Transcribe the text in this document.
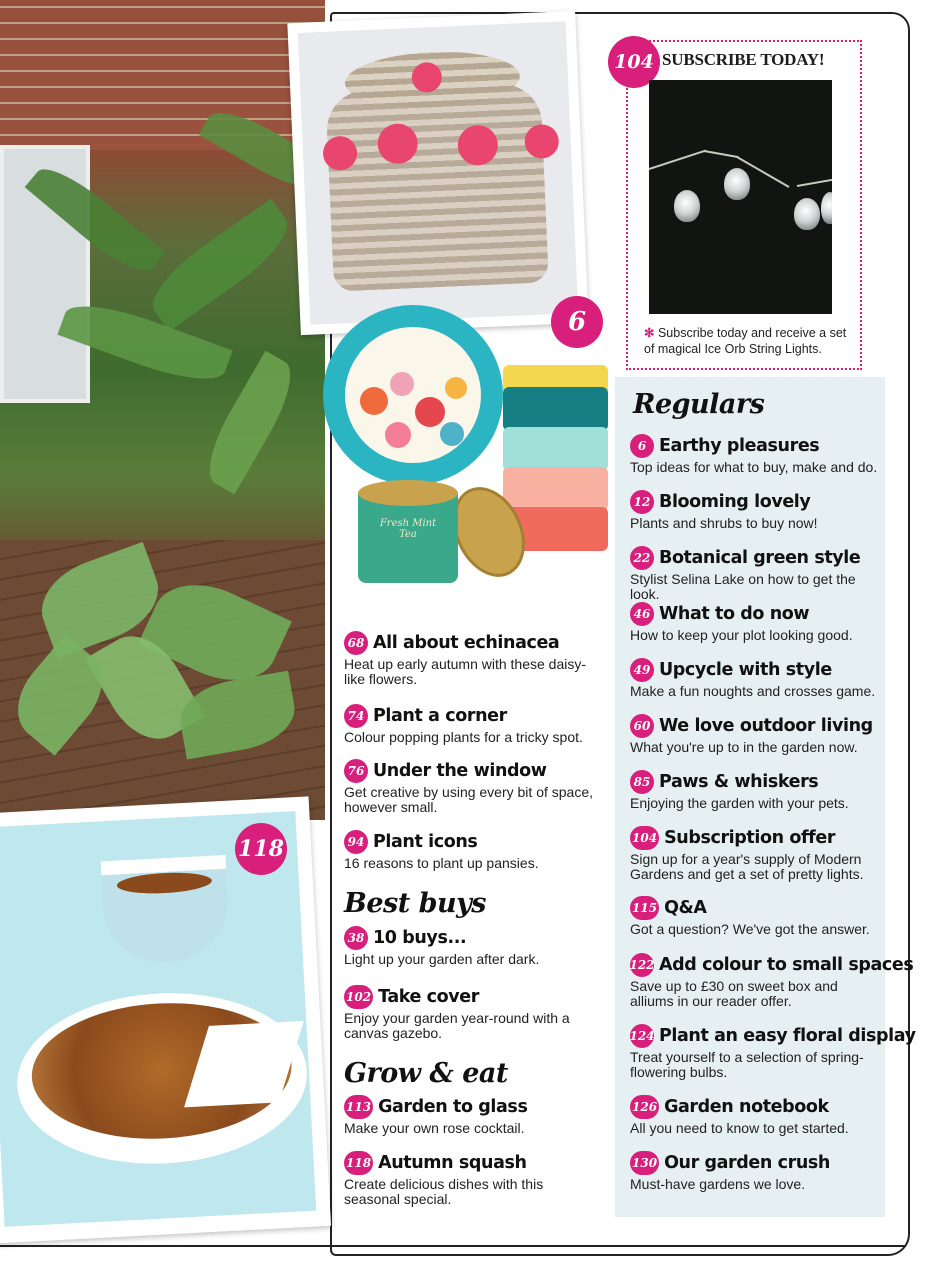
Fresh Mint Tea
6
118
104 SUBSCRIBE TODAY!
✻ Subscribe today and receive a set of magical Ice Orb String Lights.
Regulars
6 Earthy pleasures
Top ideas for what to buy, make and do.
12 Blooming lovely
Plants and shrubs to buy now!
22 Botanical green style
Stylist Selina Lake on how to get the look.
46 What to do now
How to keep your plot looking good.
49 Upcycle with style
Make a fun noughts and crosses game.
60 We love outdoor living
What you're up to in the garden now.
85 Paws & whiskers
Enjoying the garden with your pets.
104 Subscription offer
Sign up for a year's supply of Modern Gardens and get a set of pretty lights.
115 Q&A
Got a question? We've got the answer.
122 Add colour to small spaces
Save up to £30 on sweet box and alliums in our reader offer.
124 Plant an easy floral display
Treat yourself to a selection of spring-flowering bulbs.
126 Garden notebook
All you need to know to get started.
130 Our garden crush
Must-have gardens we love.
68 All about echinacea
Heat up early autumn with these daisy-like flowers.
74 Plant a corner
Colour popping plants for a tricky spot.
76 Under the window
Get creative by using every bit of space, however small.
94 Plant icons
16 reasons to plant up pansies.
Best buys
38 10 buys...
Light up your garden after dark.
102 Take cover
Enjoy your garden year-round with a canvas gazebo.
Grow & eat
113 Garden to glass
Make your own rose cocktail.
118 Autumn squash
Create delicious dishes with this seasonal special.
